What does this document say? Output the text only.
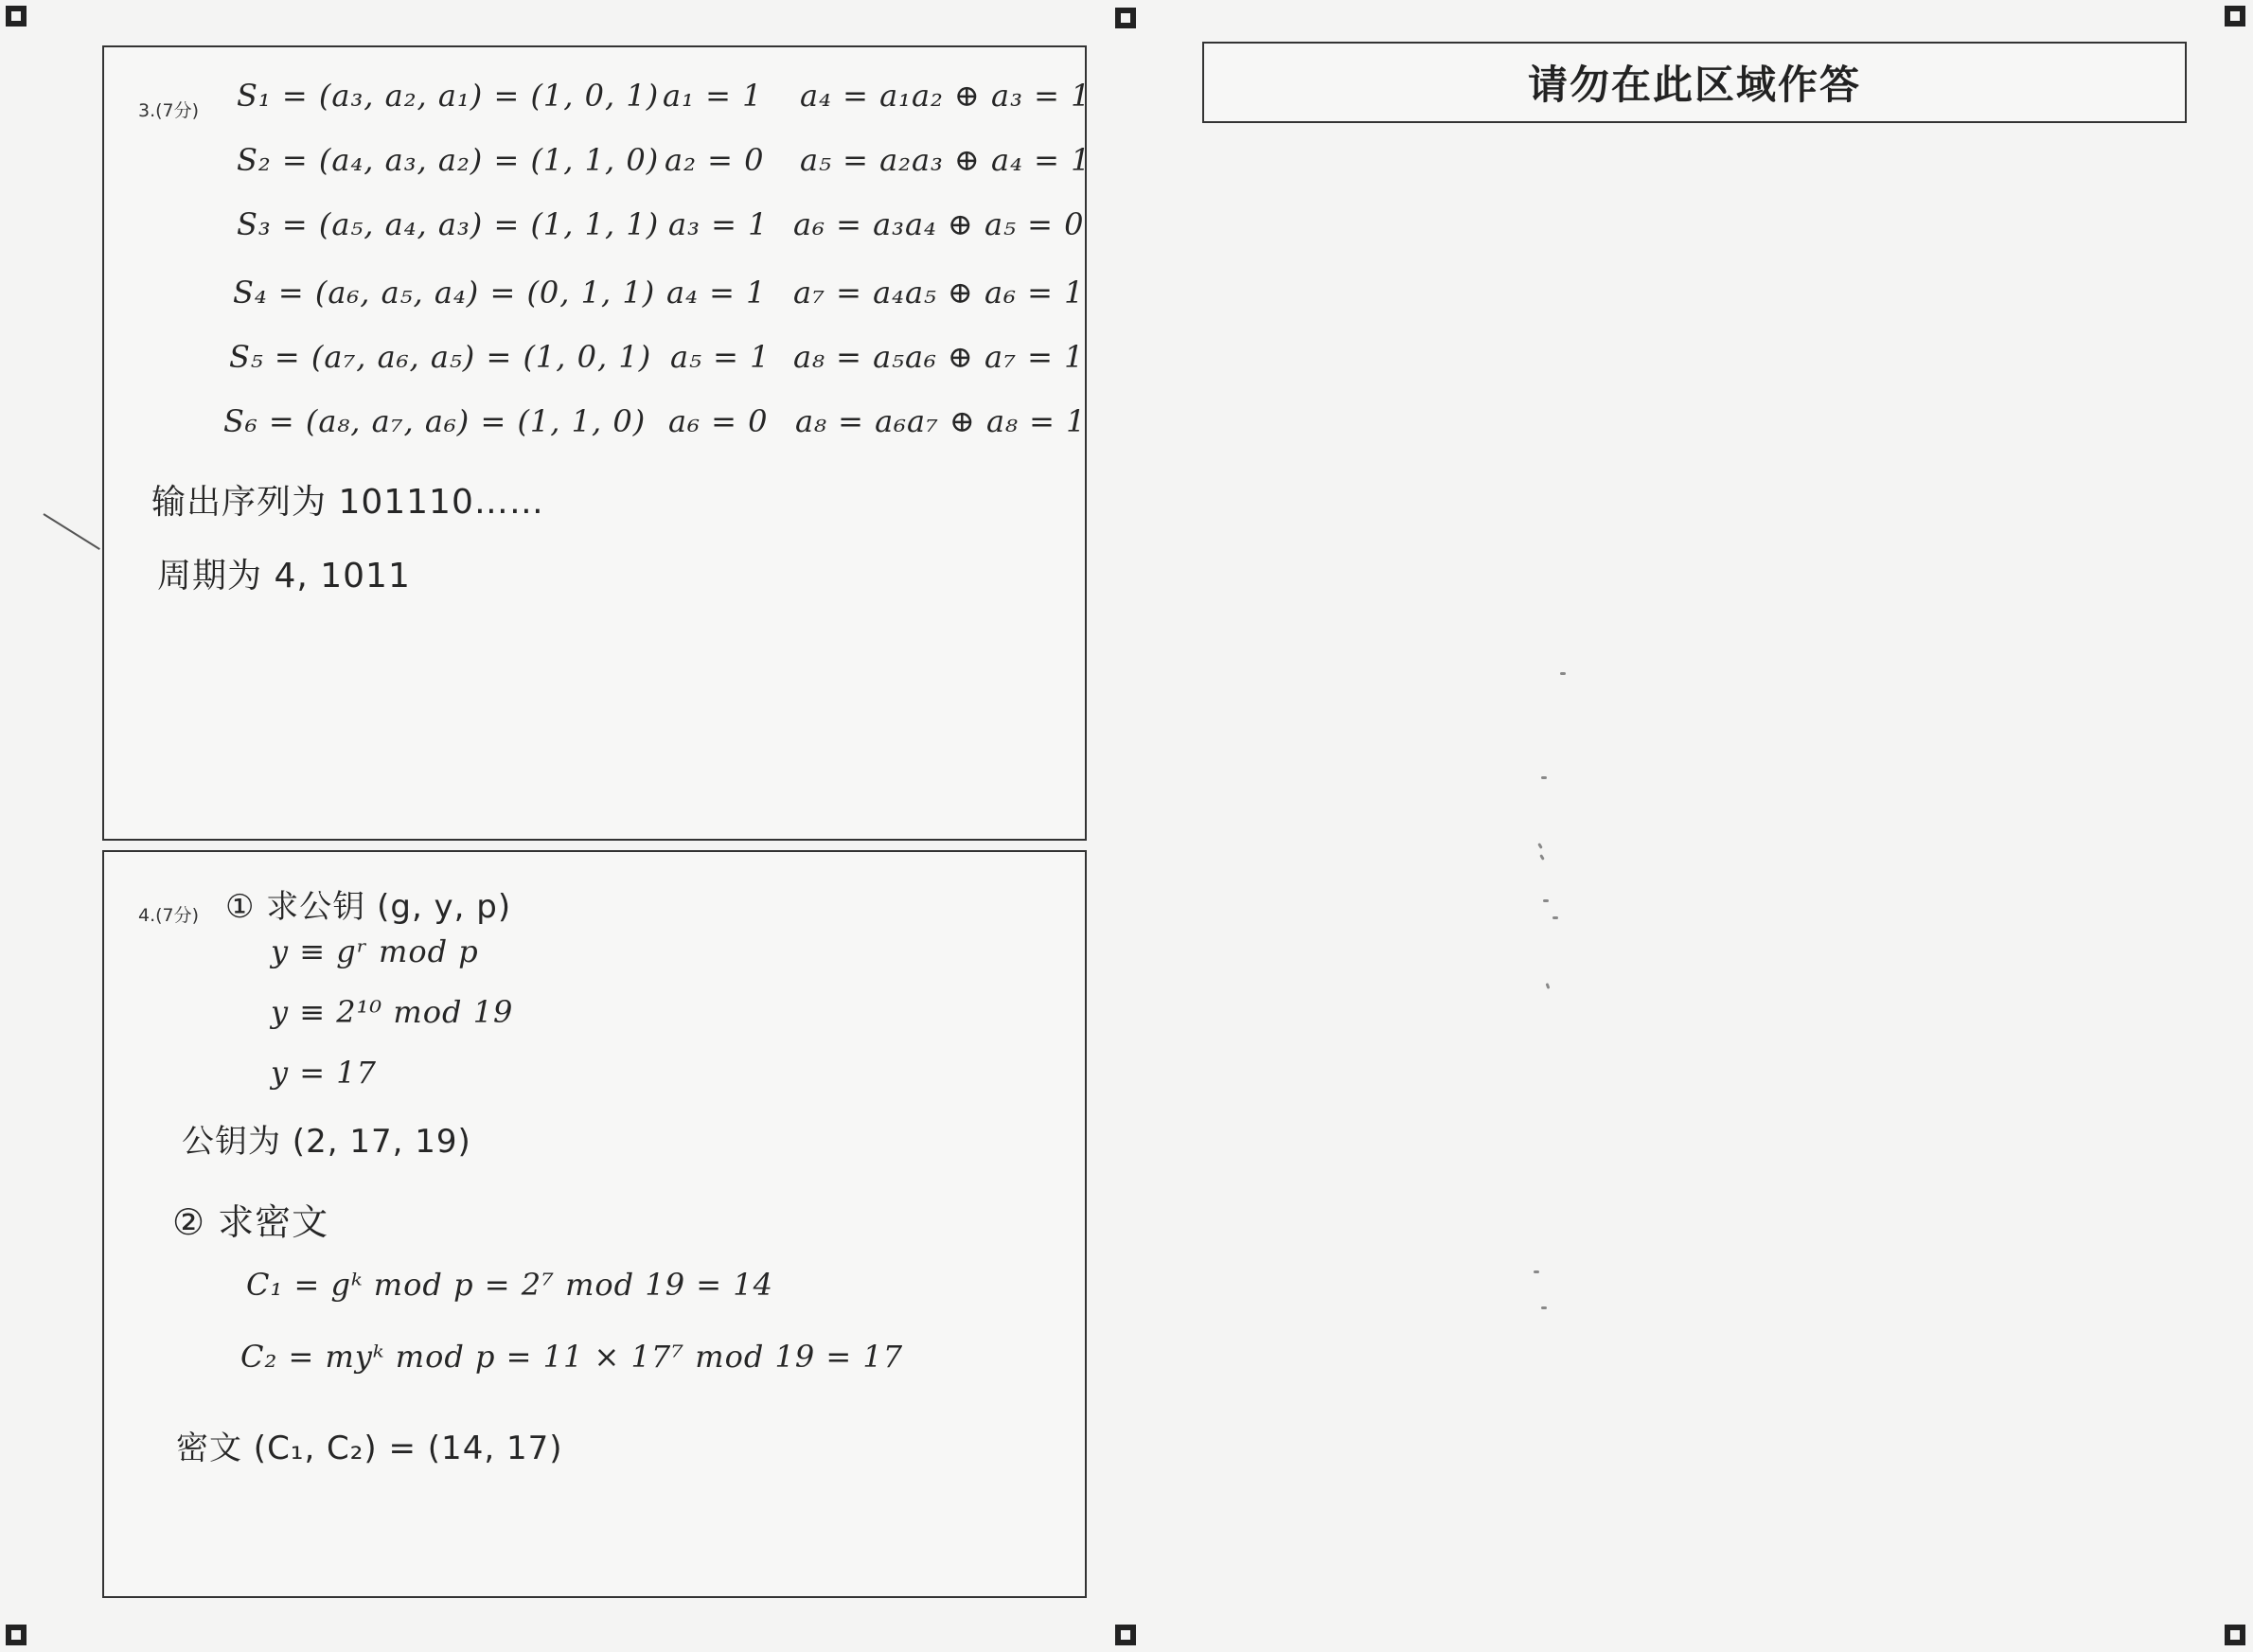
3.(7分) S₁ = (a₃, a₂, a₁) = (1, 0, 1) a₁ = 1 a₄ = a₁a₂ ⊕ a₃ = 1
S₂ = (a₄, a₃, a₂) = (1, 1, 0) a₂ = 0 a₅ = a₂a₃ ⊕ a₄ = 1
S₃ = (a₅, a₄, a₃) = (1, 1, 1) a₃ = 1 a₆ = a₃a₄ ⊕ a₅ = 0
S₄ = (a₆, a₅, a₄) = (0, 1, 1) a₄ = 1 a₇ = a₄a₅ ⊕ a₆ = 1
S₅ = (a₇, a₆, a₅) = (1, 0, 1) a₅ = 1 a₈ = a₅a₆ ⊕ a₇ = 1
S₆ = (a₈, a₇, a₆) = (1, 1, 0) a₆ = 0 a₈ = a₆a₇ ⊕ a₈ = 1
输出序列为 101110……
周期为 4, 1011
4.(7分) ① 求公钥 (g, y, p)
y ≡ gʳ mod p
y ≡ 2¹⁰ mod 19
y = 17
公钥为 (2, 17, 19)
② 求密文
C₁ = gᵏ mod p = 2⁷ mod 19 = 14
C₂ = myᵏ mod p = 11 × 17⁷ mod 19 = 17
密文 (C₁, C₂) = (14, 17)
请勿在此区域作答
